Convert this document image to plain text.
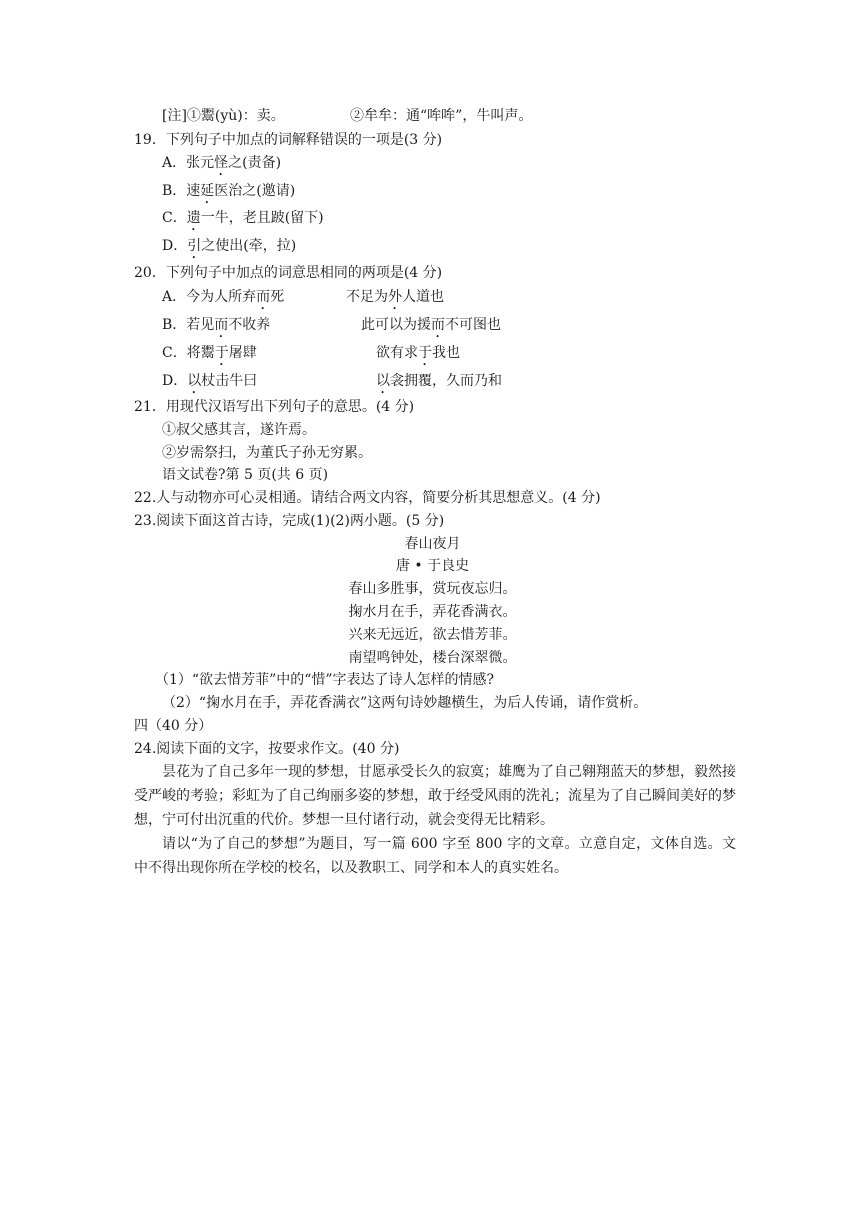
[注]①鬻(yù)：卖。	②牟牟：通“哞哞”，牛叫声。
19．下列句子中加点的词解释错误的一项是(3 分)
A．张元怪之(责备)
B．速延医治之(邀请)
C．遗一牛，老且跛(留下)
D．引之使出(牵，拉)
20．下列句子中加点的词意思相同的两项是(4 分)
A．今为人所弃而死	不足为外人道也
B．若见而不收养	此可以为援而不可图也
C．将鬻于屠肆	欲有求于我也
D．以杖击牛曰	以衾拥覆，久而乃和
21．用现代汉语写出下列句子的意思。(4 分)
①叔父感其言，遂许焉。
②岁需祭扫，为董氏子孙无穷累。
语文试卷?第 5 页(共 6 页)
22.人与动物亦可心灵相通。请结合两文内容，简要分析其思想意义。(4 分)
23.阅读下面这首古诗，完成(1)(2)两小题。(5 分)
春山夜月
唐 • 于良史
春山多胜事，赏玩夜忘归。
掬水月在手，弄花香满衣。
兴来无远近，欲去惜芳菲。
南望鸣钟处，楼台深翠微。
（1）“欲去惜芳菲”中的“惜”字表达了诗人怎样的情感?
（2）“掬水月在手，弄花香满衣”这两句诗妙趣横生，为后人传诵，请作赏析。
四（40 分）
24.阅读下面的文字，按要求作文。(40 分)
昙花为了自己多年一现的梦想，甘愿承受长久的寂寞；雄鹰为了自己翱翔蓝天的梦想，毅然接受严峻的考验；彩虹为了自己绚丽多姿的梦想，敢于经受风雨的洗礼；流星为了自己瞬间美好的梦想，宁可付出沉重的代价。梦想一旦付诸行动，就会变得无比精彩。
请以“为了自己的梦想”为题目，写一篇 600 字至 800 字的文章。立意自定，文体自选。文中不得出现你所在学校的校名，以及教职工、同学和本人的真实姓名。
